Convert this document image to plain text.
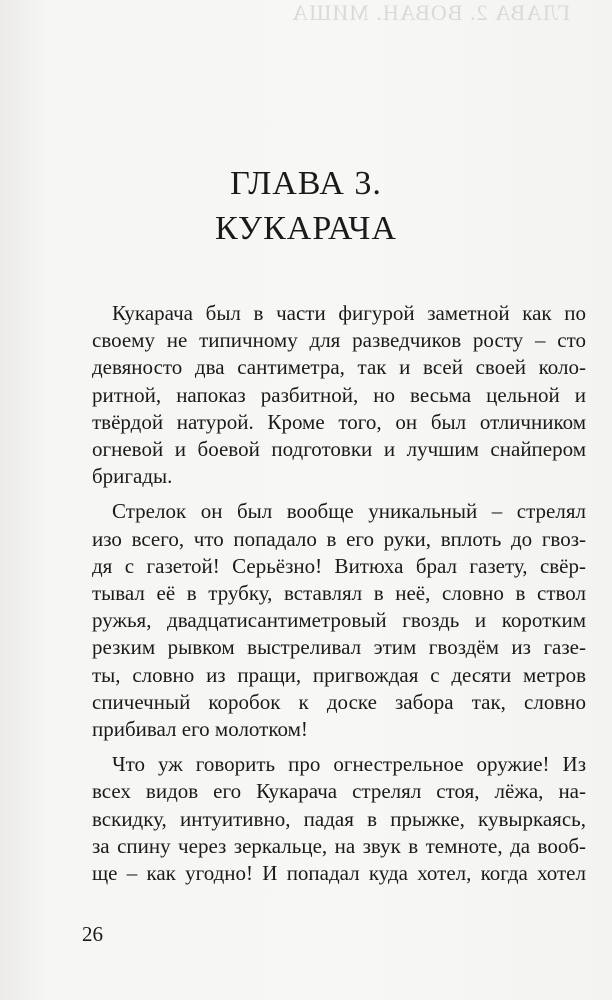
ГЛАВА 2. ВОВАН. МИША

ГЛАВА 3.
КУКАРАЧА

Кукарача был в части фигурой заметной как по
своему не типичному для разведчиков росту – сто
девяносто два сантиметра, так и всей своей коло-
ритной, напоказ разбитной, но весьма цельной и
твёрдой натурой. Кроме того, он был отличником
огневой и боевой подготовки и лучшим снайпером
бригады.

Стрелок он был вообще уникальный – стрелял
изо всего, что попадало в его руки, вплоть до гвоз-
дя с газетой! Серьёзно! Витюха брал газету, свёр-
тывал её в трубку, вставлял в неё, словно в ствол
ружья, двадцатисантиметровый гвоздь и коротким
резким рывком выстреливал этим гвоздём из газе-
ты, словно из пращи, пригвождая с десяти метров
спичечный коробок к доске забора так, словно
прибивал его молотком!

Что уж говорить про огнестрельное оружие! Из
всех видов его Кукарача стрелял стоя, лёжа, на-
вскидку, интуитивно, падая в прыжке, кувыркаясь,
за спину через зеркальце, на звук в темноте, да вооб-
ще – как угодно! И попадал куда хотел, когда хотел

26
